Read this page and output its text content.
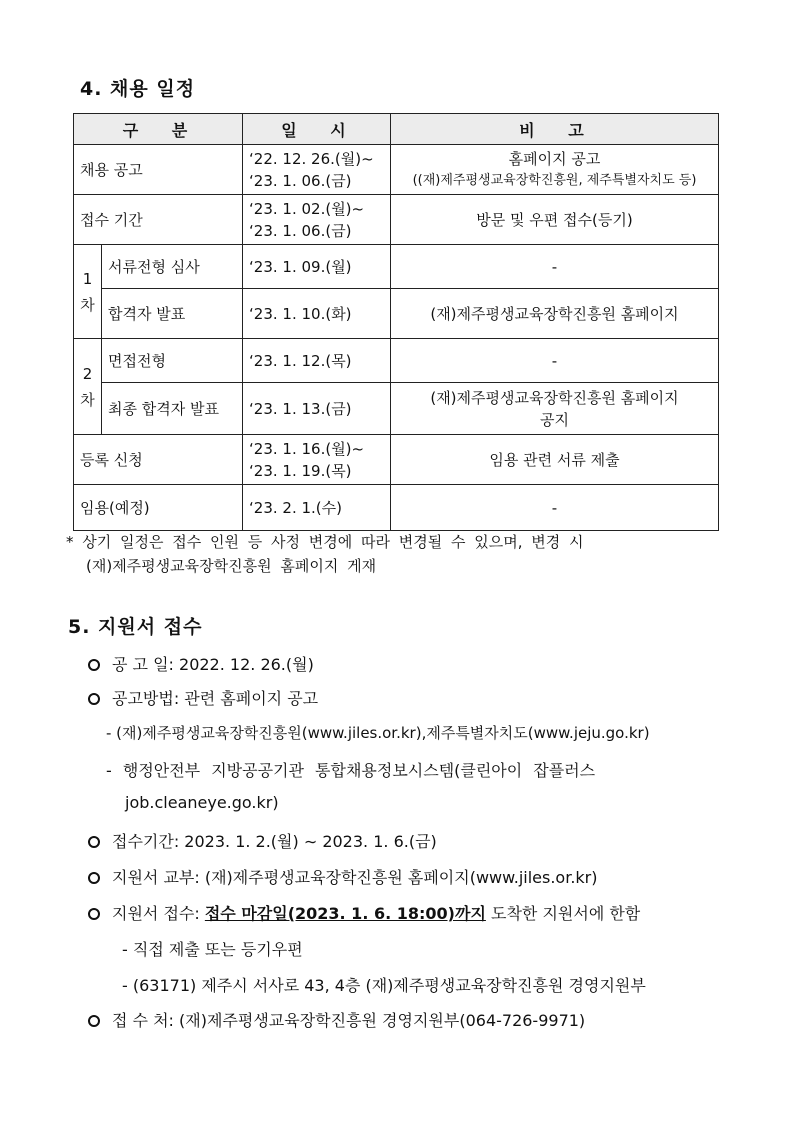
4. 채용 일정
구 분		일 시	비 고
채용 공고		‘22. 12. 26.(월)~
‘23. 1. 06.(금)	홈페이지 공고
((재)제주평생교육장학진흥원, 제주특별자치도 등)

접수 기간		‘23. 1. 02.(월)~
‘23. 1. 06.(금)	방문 및 우편 접수(등기)
1
차	서류전형 심사	‘23. 1. 09.(월)	-
	합격자 발표	‘23. 1. 10.(화)	(재)제주평생교육장학진흥원 홈페이지
2
차	면접전형	‘23. 1. 12.(목)	-
	최종 합격자 발표	‘23. 1. 13.(금)	(재)제주평생교육장학진흥원 홈페이지
공지

등록 신청		‘23. 1. 16.(월)~
‘23. 1. 19.(목)	임용 관련 서류 제출
임용(예정)		‘23. 2. 1.(수)	-
* 상기 일정은 접수 인원 등 사정 변경에 따라 변경될 수 있으며, 변경 시
(재)제주평생교육장학진흥원 홈페이지 게재
5. 지원서 접수
공 고 일: 2022. 12. 26.(월)
공고방법: 관련 홈페이지 공고
- (재)제주평생교육장학진흥원(www.jiles.or.kr),제주특별자치도(www.jeju.go.kr)
- 행정안전부 지방공공기관 통합채용정보시스템(클린아이 잡플러스
job.cleaneye.go.kr)
접수기간: 2023. 1. 2.(월) ∼ 2023. 1. 6.(금)
지원서 교부: (재)제주평생교육장학진흥원 홈페이지(www.jiles.or.kr)
지원서 접수: 접수 마감일(2023. 1. 6. 18:00)까지 도착한 지원서에 한함
- 직접 제출 또는 등기우편
- (63171) 제주시 서사로 43, 4층 (재)제주평생교육장학진흥원 경영지원부
접 수 처: (재)제주평생교육장학진흥원 경영지원부(064-726-9971)
